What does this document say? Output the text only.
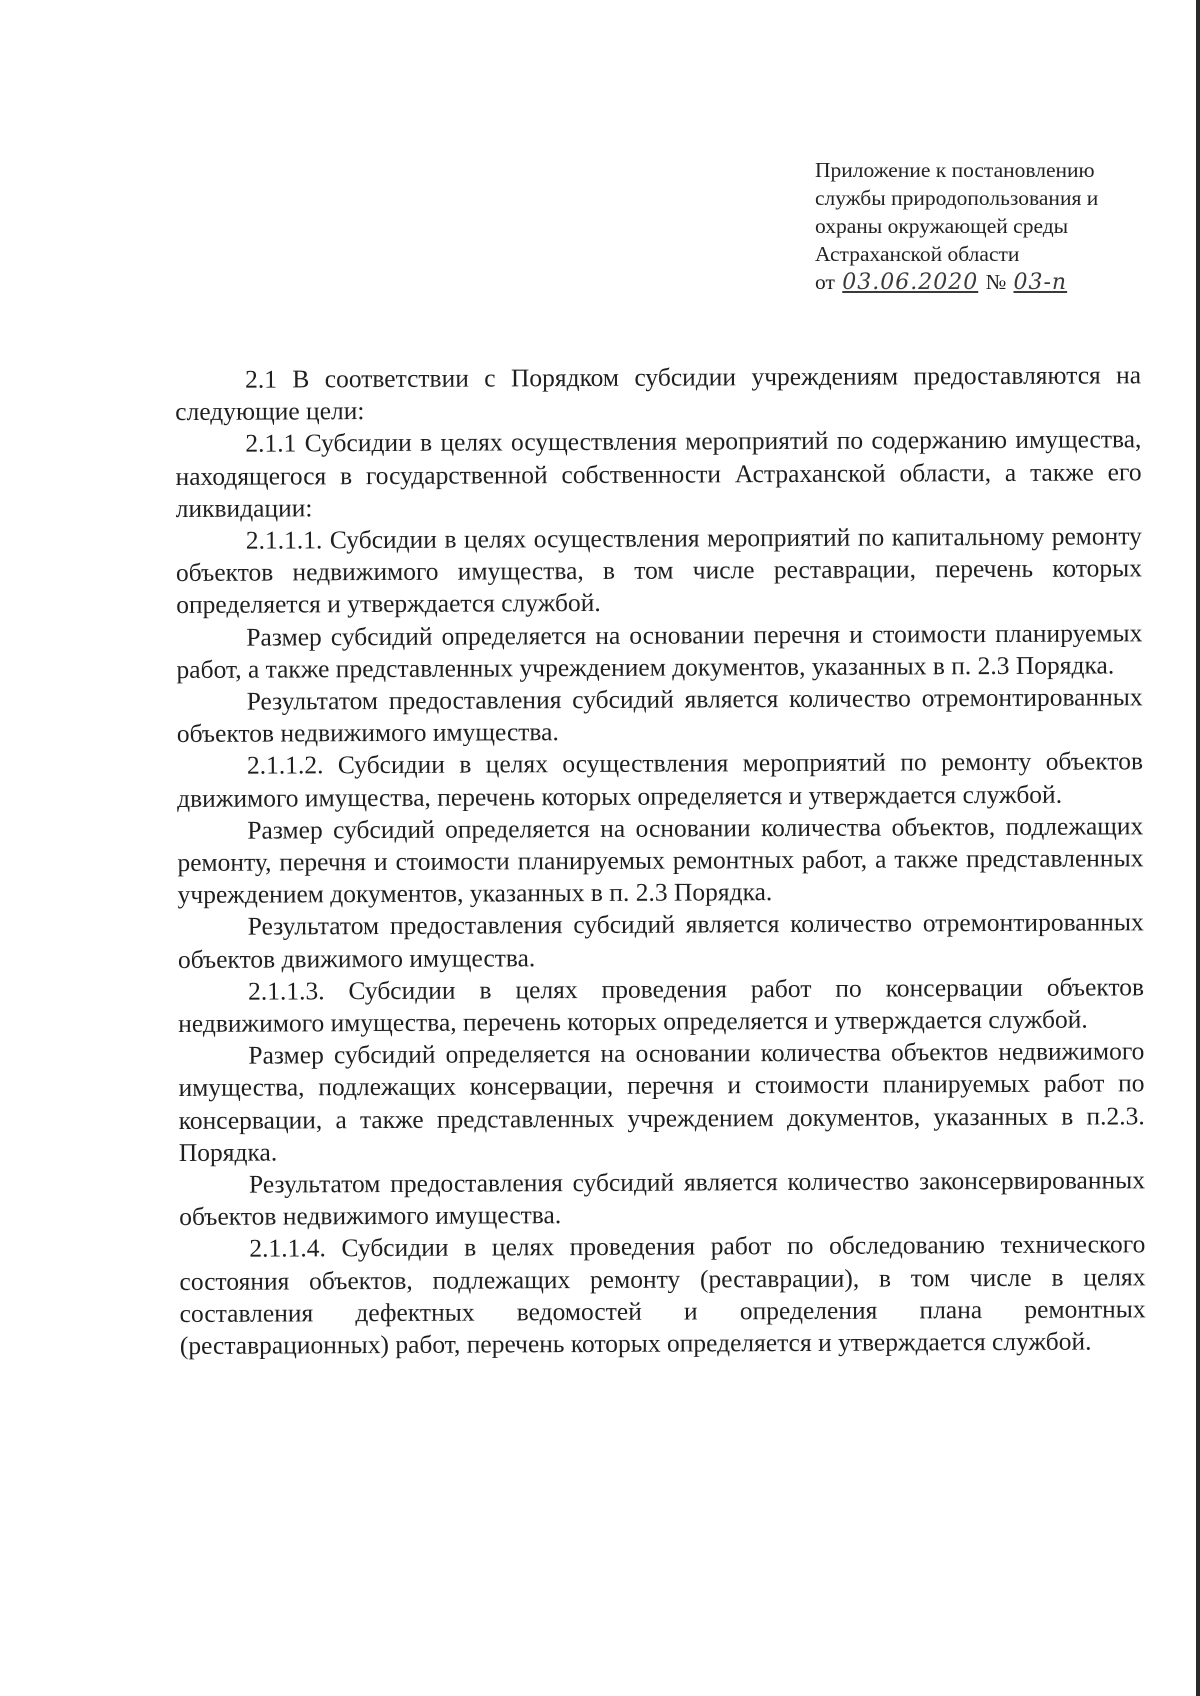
Приложение к постановлению
службы природопользования и
охраны окружающей среды
Астраханской области
от 03.06.2020 № 03-п

2.1 В соответствии с Порядком субсидии учреждениям предоставляются на следующие цели:

2.1.1 Субсидии в целях осуществления мероприятий по содержанию имущества, находящегося в государственной собственности Астраханской области, а также его ликвидации:

2.1.1.1. Субсидии в целях осуществления мероприятий по капитальному ремонту объектов недвижимого имущества, в том числе реставрации, перечень которых определяется и утверждается службой.

Размер субсидий определяется на основании перечня и стоимости планируемых работ, а также представленных учреждением документов, указанных в п. 2.3 Порядка.

Результатом предоставления субсидий является количество отремонтированных объектов недвижимого имущества.

2.1.1.2. Субсидии в целях осуществления мероприятий по ремонту объектов движимого имущества, перечень которых определяется и утверждается службой.

Размер субсидий определяется на основании количества объектов, подлежащих ремонту, перечня и стоимости планируемых ремонтных работ, а также представленных учреждением документов, указанных в п. 2.3 Порядка.

Результатом предоставления субсидий является количество отремонтированных объектов движимого имущества.

2.1.1.3. Субсидии в целях проведения работ по консервации объектов недвижимого имущества, перечень которых определяется и утверждается службой.

Размер субсидий определяется на основании количества объектов недвижимого имущества, подлежащих консервации, перечня и стоимости планируемых работ по консервации, а также представленных учреждением документов, указанных в п.2.3. Порядка.

Результатом предоставления субсидий является количество законсервированных объектов недвижимого имущества.

2.1.1.4. Субсидии в целях проведения работ по обследованию технического состояния объектов, подлежащих ремонту (реставрации), в том числе в целях составления дефектных ведомостей и определения плана ремонтных (реставрационных) работ, перечень которых определяется и утверждается службой.
